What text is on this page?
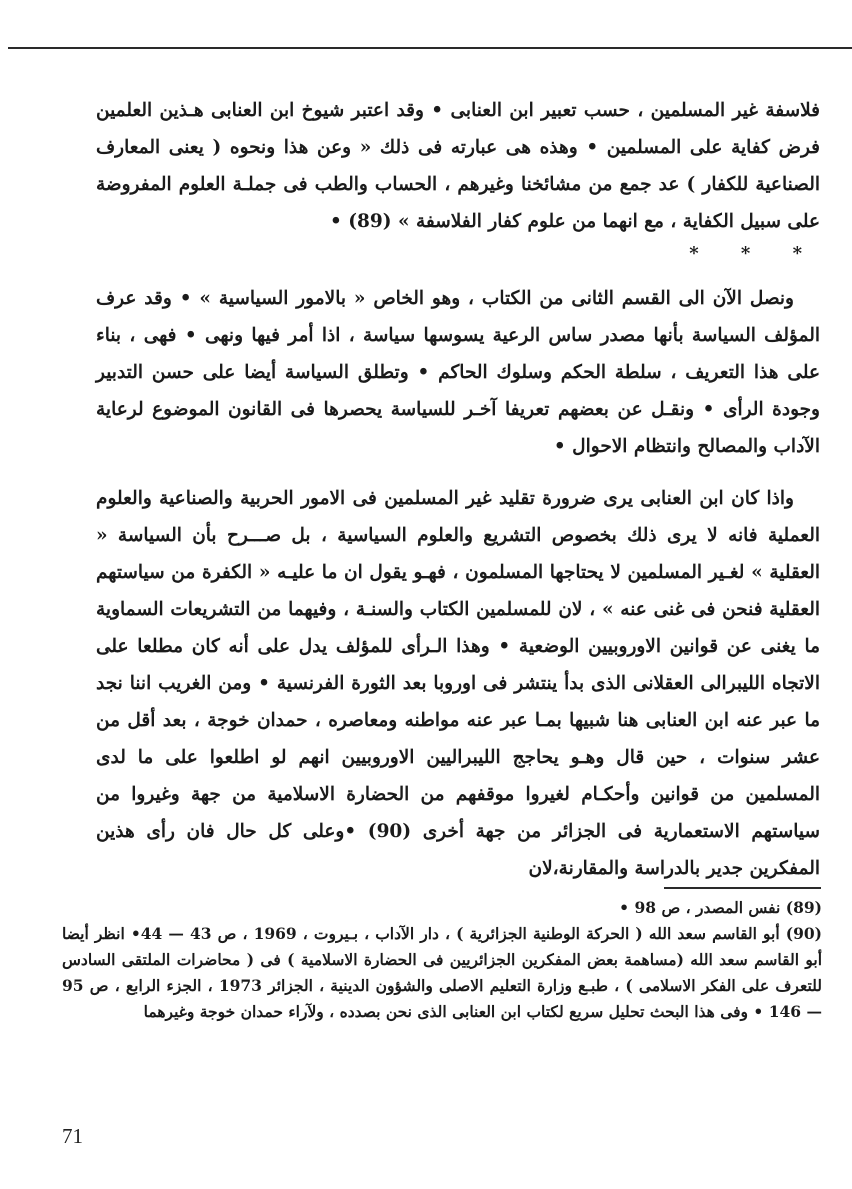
فلاسفة غير المسلمين ، حسب تعبير ابن العنابى • وقد اعتبر شيوخ ابن العنابى هـذين العلمين فرض كفاية على المسلمين • وهذه هى عبارته فى ذلك « وعن هذا ونحوه ( يعنى المعارف الصناعية للكفار ) عد جمع من مشائخنا وغيرهم ، الحساب والطب فى جملـة العلوم المفروضة على سبيل الكفاية ، مع انهما من علوم كفار الفلاسفة » (89) •

* * *

ونصل الآن الى القسم الثانى من الكتاب ، وهو الخاص « بالامور السياسية » • وقد عرف المؤلف السياسة بأنها مصدر ساس الرعية يسوسها سياسة ، اذا أمر فيها ونهى • فهى ، بناء على هذا التعريف ، سلطة الحكم وسلوك الحاكم • وتطلق السياسة أيضا على حسن التدبير وجودة الرأى • ونقـل عن بعضهم تعريفا آخـر للسياسة يحصرها فى القانون الموضوع لرعاية الآداب والمصالح وانتظام الاحوال •

واذا كان ابن العنابى يرى ضرورة تقليد غير المسلمين فى الامور الحربية والصناعية والعلوم العملية فانه لا يرى ذلك بخصوص التشريع والعلوم السياسية ، بل صـــرح بأن السياسة « العقلية » لغـير المسلمين لا يحتاجها المسلمون ، فهـو يقول ان ما عليـه « الكفرة من سياستهم العقلية فنحن فى غنى عنه » ، لان للمسلمين الكتاب والسنـة ، وفيهما من التشريعات السماوية ما يغنى عن قوانين الاوروبيين الوضعية • وهذا الـرأى للمؤلف يدل على أنه كان مطلعا على الاتجاه الليبرالى العقلانى الذى بدأ ينتشر فى اوروبا بعد الثورة الفرنسية • ومن الغريب اننا نجد ما عبر عنه ابن العنابى هنا شبيها بمـا عبر عنه مواطنه ومعاصره ، حمدان خوجة ، بعد أقل من عشر سنوات ، حين قال وهـو يحاجج الليبراليين الاوروبيين انهم لو اطلعوا على ما لدى المسلمين من قوانين وأحكـام لغيروا موقفهم من الحضارة الاسلامية من جهة وغيروا من سياستهم الاستعمارية فى الجزائر من جهة أخرى (90) •وعلى كل حال فان رأى هذين المفكرين جدير بالدراسة والمقارنة،لان

(89) نفس المصدر ، ص 98 •

(90) أبو القاسم سعد الله ( الحركة الوطنية الجزائرية ) ، دار الآداب ، بـيروت ، 1969 ، ص 43 — 44• انظر أيضا أبو القاسم سعد الله (مساهمة بعض المفكرين الجزائريين فى الحضارة الاسلامية ) فى ( محاضرات الملتقى السادس للتعرف على الفكر الاسلامى ) ، طبـع وزارة التعليم الاصلى والشؤون الدينية ، الجزائر 1973 ، الجزء الرابع ، ص 95 — 146 • وفى هذا البحث تحليل سريع لكتاب ابن العنابى الذى نحن بصدده ، ولآراء حمدان خوجة وغيرهما

71
